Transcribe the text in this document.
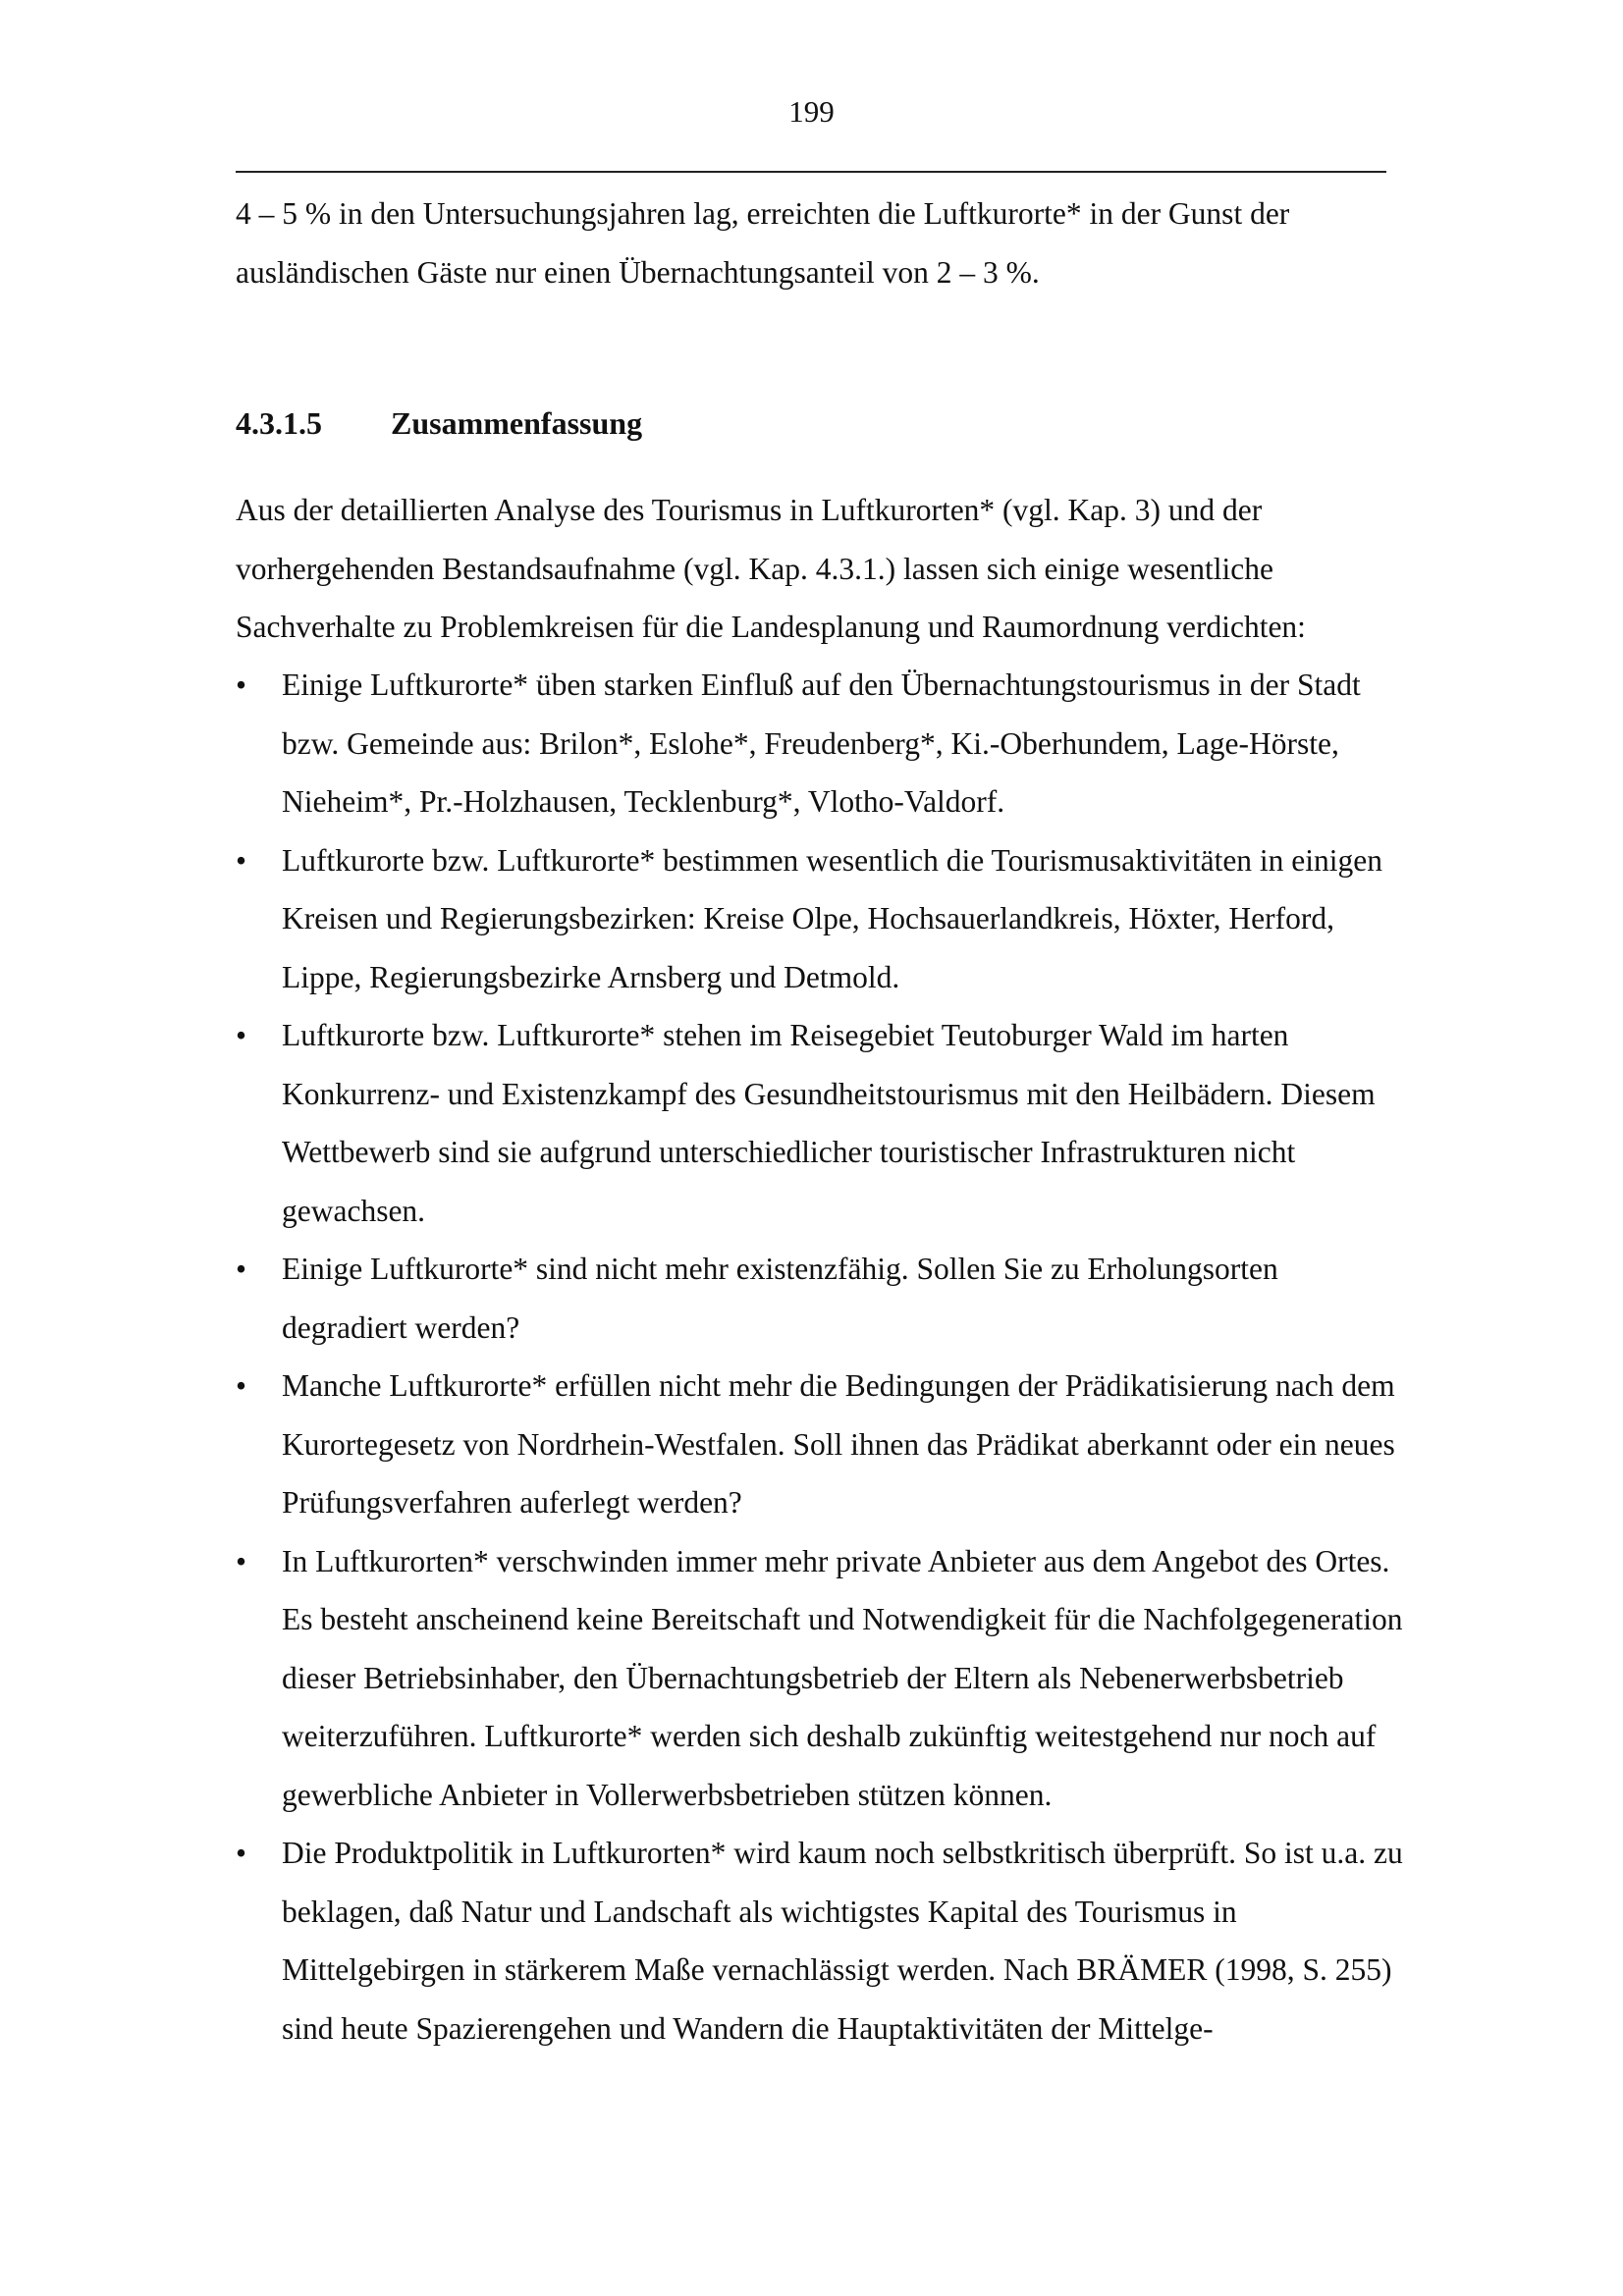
199

4 – 5 % in den Untersuchungsjahren lag, erreichten die Luftkurorte* in der Gunst der ausländischen Gäste nur einen Übernachtungsanteil von 2 – 3 %.

4.3.1.5 Zusammenfassung

Aus der detaillierten Analyse des Tourismus in Luftkurorten* (vgl. Kap. 3) und der vorhergehenden Bestandsaufnahme (vgl. Kap. 4.3.1.) lassen sich einige wesentliche Sachverhalte zu Problemkreisen für die Landesplanung und Raumordnung verdichten:

•	Einige Luftkurorte* üben starken Einfluß auf den Übernachtungstourismus in der Stadt bzw. Gemeinde aus: Brilon*, Eslohe*, Freudenberg*, Ki.-Oberhundem, Lage-Hörste, Nieheim*, Pr.-Holzhausen, Tecklenburg*, Vlotho-Valdorf.
•	Luftkurorte bzw. Luftkurorte* bestimmen wesentlich die Tourismusaktivitäten in einigen Kreisen und Regierungsbezirken: Kreise Olpe, Hochsauerlandkreis, Höxter, Herford, Lippe, Regierungsbezirke Arnsberg und Detmold.
•	Luftkurorte bzw. Luftkurorte* stehen im Reisegebiet Teutoburger Wald im harten Konkurrenz- und Existenzkampf des Gesundheitstourismus mit den Heilbädern. Diesem Wettbewerb sind sie aufgrund unterschiedlicher touristischer Infrastrukturen nicht gewachsen.
•	Einige Luftkurorte* sind nicht mehr existenzfähig. Sollen Sie zu Erholungsorten degradiert werden?
•	Manche Luftkurorte* erfüllen nicht mehr die Bedingungen der Prädikatisierung nach dem Kurortegesetz von Nordrhein-Westfalen. Soll ihnen das Prädikat aberkannt oder ein neues Prüfungsverfahren auferlegt werden?
•	In Luftkurorten* verschwinden immer mehr private Anbieter aus dem Angebot des Ortes. Es besteht anscheinend keine Bereitschaft und Notwendigkeit für die Nachfolgegeneration dieser Betriebsinhaber, den Übernachtungsbetrieb der Eltern als Nebenerwerbsbetrieb weiterzuführen. Luftkurorte* werden sich deshalb zukünftig weitestgehend nur noch auf gewerbliche Anbieter in Vollerwerbsbetrieben stützen können.
•	Die Produktpolitik in Luftkurorten* wird kaum noch selbstkritisch überprüft. So ist u.a. zu beklagen, daß Natur und Landschaft als wichtigstes Kapital des Tourismus in Mittelgebirgen in stärkerem Maße vernachlässigt werden. Nach BRÄMER (1998, S. 255) sind heute Spazierengehen und Wandern die Hauptaktivitäten der Mittelge-
